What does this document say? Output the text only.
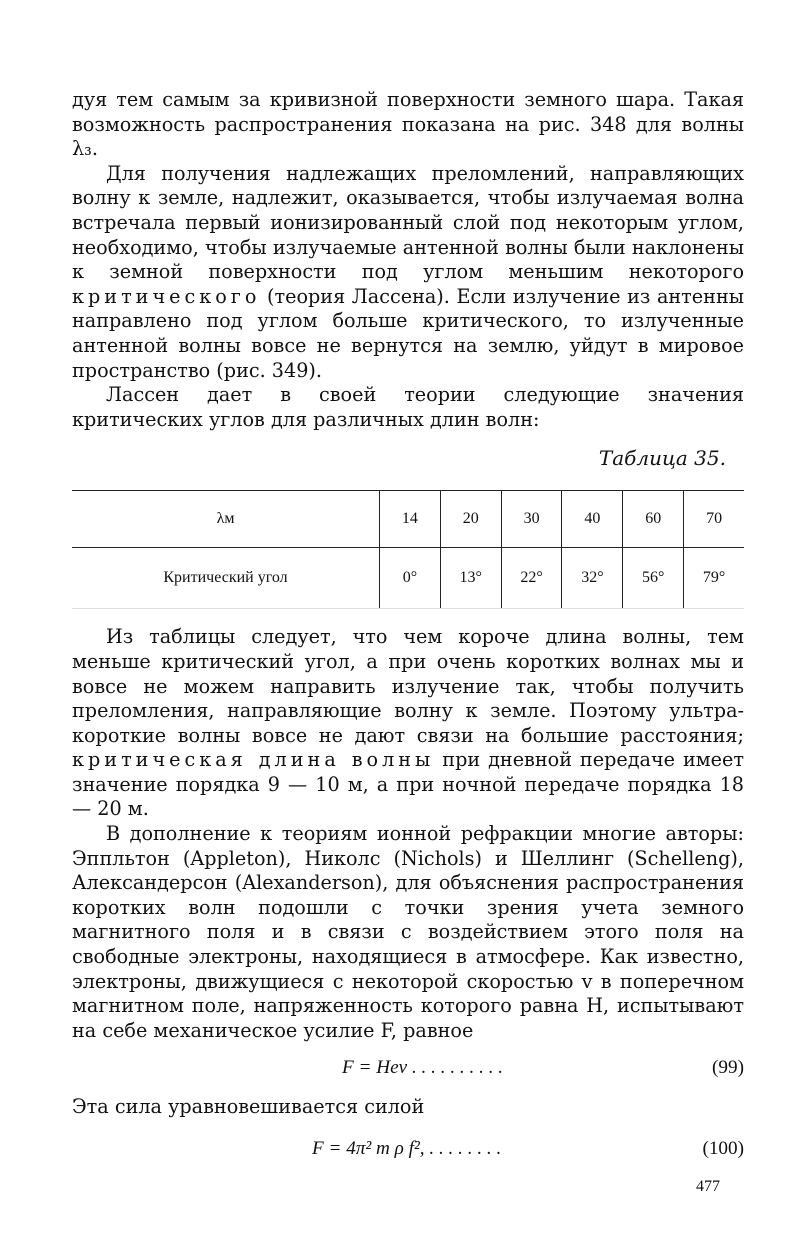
дуя тем самым за кривизной поверхности земного шара. Такая возможность распространения показана на рис. 348 для волны λ₃.

Для получения надлежащих преломлений, направляющих волну к земле, надлежит, оказывается, чтобы излучаемая волна встречала первый ионизированный слой под некоторым углом, необходимо, чтобы излучаемые антенной волны были наклонены к земной поверхности под углом меньшим некоторого критического (теория Лассена). Если излучение из антенны направлено под углом больше критического, то излученные антенной волны вовсе не вернутся на землю, уйдут в мировое пространство (рис. 349).

Лассен дает в своей теории следующие значения критических углов для различных длин волн:

Таблица 35.
λм	14	20	30	40	60	70
Критический угол	0°	13°	22°	32°	56°	79°

Из таблицы следует, что чем короче длина волны, тем меньше критический угол, а при очень коротких волнах мы и вовсе не можем направить излучение так, чтобы получить преломления, направляющие волну к земле. Поэтому ультра-короткие волны вовсе не дают связи на большие расстояния; критическая длина волны при дневной передаче имеет значение порядка 9 — 10 м, а при ночной передаче порядка 18 — 20 м.

В дополнение к теориям ионной рефракции многие авторы: Эппльтон (Appleton), Николс (Nichols) и Шеллинг (Schelleng), Александерсон (Alexanderson), для объяснения распространения коротких волн подошли с точки зрения учета земного магнитного поля и в связи с воздействием этого поля на свободные электроны, находящиеся в атмосфере. Как известно, электроны, движущиеся с некоторой скоростью v в поперечном магнитном поле, напряженность которого равна H, испытывают на себе механическое усилие F, равное

F = Hev . . . . . . . . . .	(99)

Эта сила уравновешивается силой

F = 4π² m ρ f², . . . . . . . .	(100)
477
